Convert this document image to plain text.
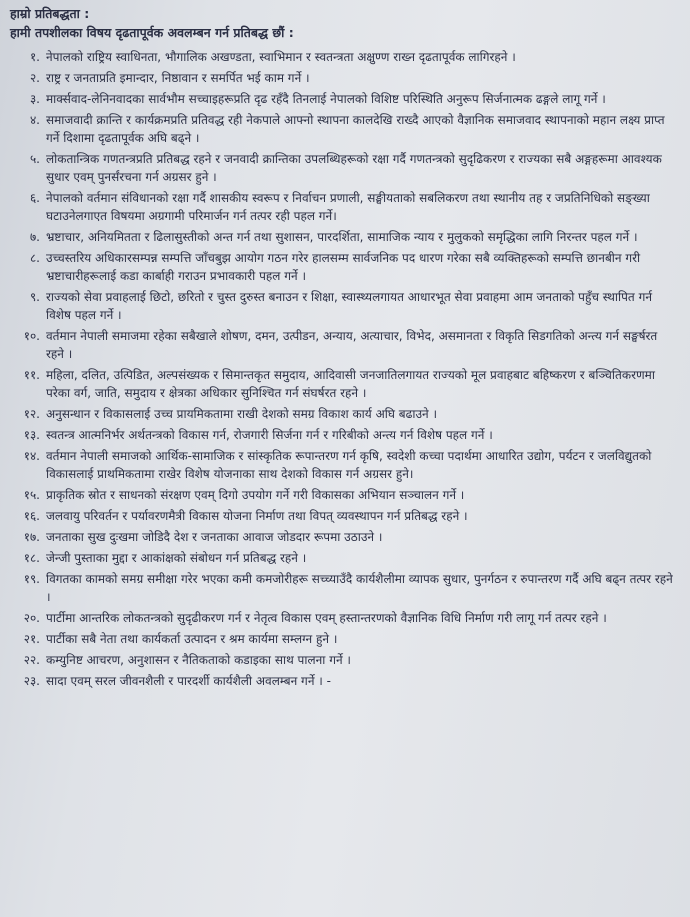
हाम्रो प्रतिबद्धता :
हामी तपशीलका विषय दृढतापूर्वक अवलम्बन गर्न प्रतिबद्ध छौं :
१. नेपालको राष्ट्रिय स्वाधिनता, भौगालिक अखण्डता, स्वाभिमान र स्वतन्त्रता अक्षुण्ण राख्न दृढतापूर्वक लागिरहने ।
२. राष्ट्र र जनताप्रति इमान्दार, निष्ठावान र समर्पित भई काम गर्ने ।
३. मार्क्सवाद-लेनिनवादका सार्वभौम सच्चाइहरूप्रति दृढ रहँदै तिनलाई नेपालको विशिष्ट परिस्थिति अनुरूप सिर्जनात्मक ढङ्गले लागू गर्ने ।
४. समाजवादी क्रान्ति र कार्यक्रमप्रति प्रतिवद्ध रही नेकपाले आफ्नो स्थापना कालदेखि राख्दै आएको वैज्ञानिक समाजवाद स्थापनाको महान लक्ष्य प्राप्त गर्ने दिशामा दृढतापूर्वक अघि बढ्ने ।
५. लोकतान्त्रिक गणतन्त्रप्रति प्रतिबद्ध रहने र जनवादी क्रान्तिका उपलब्धिहरूको रक्षा गर्दै गणतन्त्रको सुदृढिकरण र राज्यका सबै अङ्गहरूमा आवश्यक सुधार एवम् पुनर्संरचना गर्न अग्रसर हुने ।
६. नेपालको वर्तमान संविधानको रक्षा गर्दै शासकीय स्वरूप र निर्वाचन प्रणाली, सङ्घीयताको सबलिकरण तथा स्थानीय तह र जप्रतिनिधिको सङ्ख्या घटाउनेलगाएत विषयमा अग्रगामी परिमार्जन गर्न तत्पर रही पहल गर्ने।
७. भ्रष्टाचार, अनियमितता र ढिलासुस्तीको अन्त गर्न तथा सुशासन, पारदर्शिता, सामाजिक न्याय र मुलुकको समृद्धिका लागि निरन्तर पहल गर्ने ।
८. उच्चस्तरिय अधिकारसम्पन्न सम्पत्ति जाँचबुझ आयोग गठन गरेर हालसम्म सार्वजनिक पद धारण गरेका सबै व्यक्तिहरूको सम्पत्ति छानबीन गरी भ्रष्टाचारीहरूलाई कडा कार्बाही गराउन प्रभावकारी पहल गर्ने ।
९. राज्यको सेवा प्रवाहलाई छिटो, छरितो र चुस्त दुरुस्त बनाउन र शिक्षा, स्वास्थ्यलगायत आधारभूत सेवा प्रवाहमा आम जनताको पहुँच स्थापित गर्न विशेष पहल गर्ने ।
१०. वर्तमान नेपाली समाजमा रहेका सबैखाले शोषण, दमन, उत्पीडन, अन्याय, अत्याचार, विभेद, असमानता र विकृति सिडगतिको अन्त्य गर्न सङ्घर्षरत रहने ।
११. महिला, दलित, उत्पिडित, अल्पसंख्यक र सिमान्तकृत समुदाय, आदिवासी जनजातिलगायत राज्यको मूल प्रवाहबाट बहिष्करण र बञ्चितिकरणमा परेका वर्ग, जाति, समुदाय र क्षेत्रका अधिकार सुनिश्चित गर्न संघर्षरत रहने ।
१२. अनुसन्धान र विकासलाई उच्च प्रायमिकतामा राखी देशको समग्र विकाश कार्य अघि बढाउने ।
१३. स्वतन्त्र आत्मनिर्भर अर्थतन्त्रको विकास गर्न, रोजगारी सिर्जना गर्न र गरिबीको अन्त्य गर्न विशेष पहल गर्ने ।
१४. वर्तमान नेपाली समाजको आर्थिक-सामाजिक र सांस्कृतिक रूपान्तरण गर्न कृषि, स्वदेशी कच्चा पदार्थमा आधारित उद्योग, पर्यटन र जलविद्युतको विकासलाई प्राथमिकतामा राखेर विशेष योजनाका साथ देशको विकास गर्न अग्रसर हुने।
१५. प्राकृतिक स्रोत र साधनको संरक्षण एवम् दिगो उपयोग गर्ने गरी विकासका अभियान सञ्चालन गर्ने ।
१६. जलवायु परिवर्तन र पर्यावरणमैत्री विकास योजना निर्माण तथा विपत् व्यवस्थापन गर्न प्रतिबद्ध रहने ।
१७. जनताका सुख दुःखमा जोडिदै देश र जनताका आवाज जोडदार रूपमा उठाउने ।
१८. जेन्जी पुस्ताका मुद्दा र आकांक्षको संबोधन गर्न प्रतिबद्ध रहने ।
१९. विगतका कामको समग्र समीक्षा गरेर भएका कमी कमजोरीहरू सच्च्याउँदै कार्यशैलीमा व्यापक सुधार, पुनर्गठन र रुपान्तरण गर्दै अघि बढ्न तत्पर रहने ।
२०. पार्टीमा आन्तरिक लोकतन्त्रको सुदृढीकरण गर्न र नेतृत्व विकास एवम् हस्तान्तरणको वैज्ञानिक विधि निर्माण गरी लागू गर्न तत्पर रहने ।
२१. पार्टीका सबै नेता तथा कार्यकर्ता उत्पादन र श्रम कार्यमा सम्लग्न हुने ।
२२. कम्युनिष्ट आचरण, अनुशासन र नैतिकताको कडाइका साथ पालना गर्ने ।
२३. सादा एवम् सरल जीवनशैली र पारदर्शी कार्यशैली अवलम्बन गर्ने । -
